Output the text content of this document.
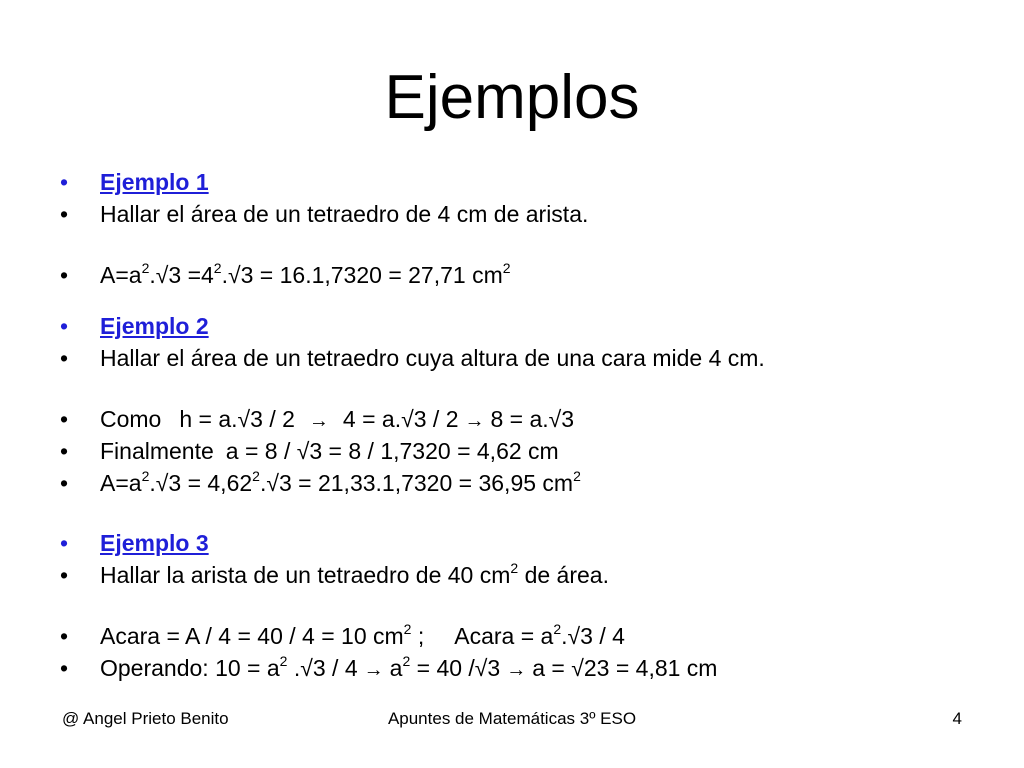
Ejemplos
•	Ejemplo 1
•	Hallar el área de un tetraedro de 4 cm de arista.
•	$A=a^2.√3 =4^2.√3 = 16.1,7320 = 27,71$ $cm^2$
•	Ejemplo 2
•	Hallar el área de un tetraedro cuya altura de una cara mide 4 cm.
•	Como h = a.√3 / 2 → 4 = a.√3 / 2 → 8 = a.√3
•	Finalmente a = 8 / √3 = 8 / 1,7320 = 4,62 cm
•	$A=a^2.√3 = 4,62^2.√3 = 21,33.1,7320 = 36,95$ $cm^2$
•	Ejemplo 3
•	Hallar la arista de un tetraedro de 40 $cm^2$ de área.
•	Acara = A / 4 = 40 / 4 = 10 $cm^2$ ; Acara = $a^2.√3 / 4$
•	Operando: $10 = a^2$ $.√3 / 4 \to a^2 = 40$ /√3 → a = √23 = 4,81 cm
@ Angel Prieto Benito	Apuntes de Matemáticas 3º ESO	4
